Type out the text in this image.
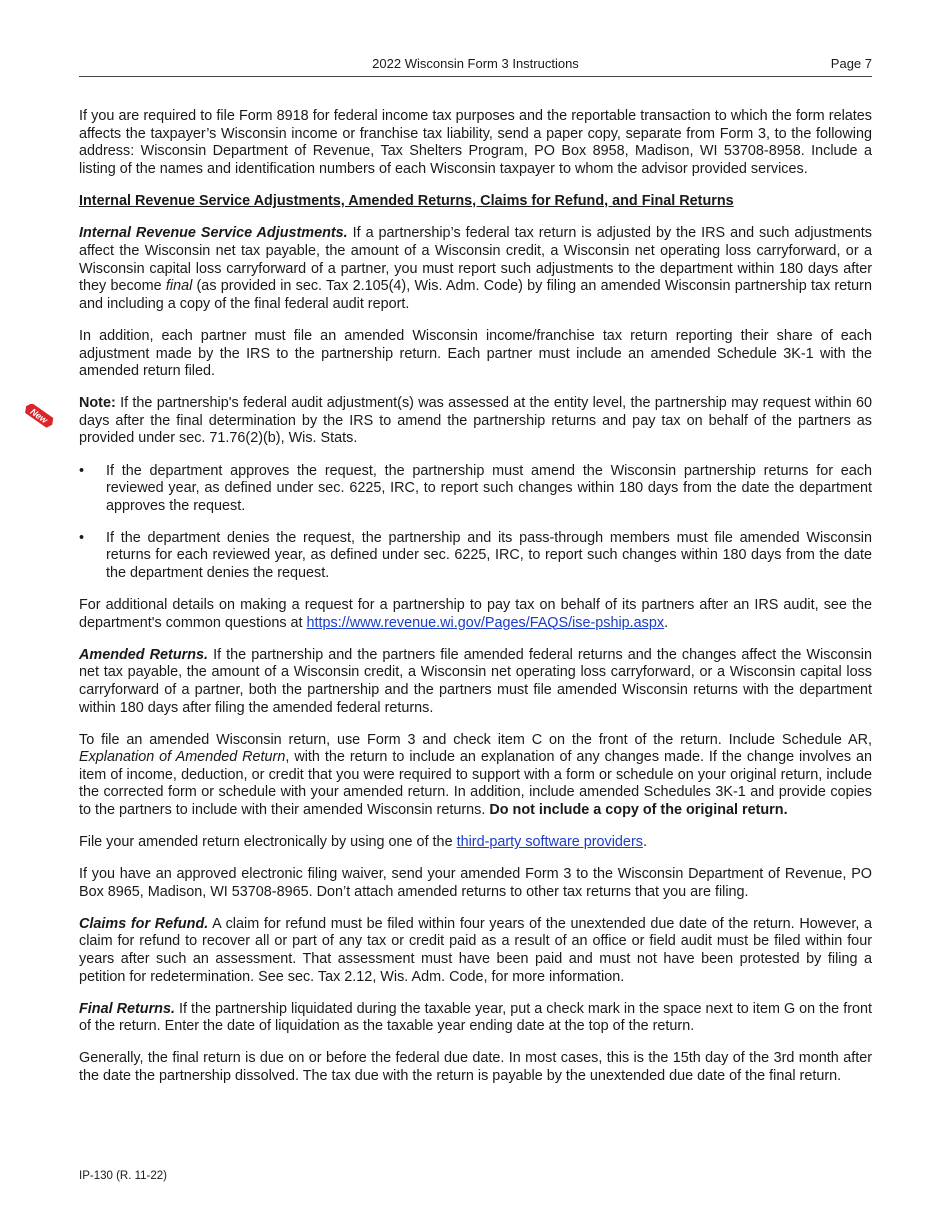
New
2022 Wisconsin Form 3 Instructions	Page 7

If you are required to file Form 8918 for federal income tax purposes and the reportable transaction to which the form relates affects the taxpayer’s Wisconsin income or franchise tax liability, send a paper copy, separate from Form 3, to the following address: Wisconsin Department of Revenue, Tax Shelters Program, PO Box 8958, Madison, WI 53708-8958. Include a listing of the names and identification numbers of each Wisconsin taxpayer to whom the advisor provided services.

Internal Revenue Service Adjustments, Amended Returns, Claims for Refund, and Final Returns

Internal Revenue Service Adjustments. If a partnership’s federal tax return is adjusted by the IRS and such adjustments affect the Wisconsin net tax payable, the amount of a Wisconsin credit, a Wisconsin net operating loss carryforward, or a Wisconsin capital loss carryforward of a partner, you must report such adjustments to the department within 180 days after they become final (as provided in sec. Tax 2.105(4), Wis. Adm. Code) by filing an amended Wisconsin partnership tax return and including a copy of the final federal audit report.

In addition, each partner must file an amended Wisconsin income/franchise tax return reporting their share of each adjustment made by the IRS to the partnership return. Each partner must include an amended Schedule 3K-1 with the amended return filed.

Note: If the partnership's federal audit adjustment(s) was assessed at the entity level, the partnership may request within 60 days after the final determination by the IRS to amend the partnership returns and pay tax on behalf of the partners as provided under sec. 71.76(2)(b), Wis. Stats.

• If the department approves the request, the partnership must amend the Wisconsin partnership returns for each reviewed year, as defined under sec. 6225, IRC, to report such changes within 180 days from the date the department approves the request.
• If the department denies the request, the partnership and its pass-through members must file amended Wisconsin returns for each reviewed year, as defined under sec. 6225, IRC, to report such changes within 180 days from the date the department denies the request.

For additional details on making a request for a partnership to pay tax on behalf of its partners after an IRS audit, see the department's common questions at https://www.revenue.wi.gov/Pages/FAQS/ise-pship.aspx.

Amended Returns. If the partnership and the partners file amended federal returns and the changes affect the Wisconsin net tax payable, the amount of a Wisconsin credit, a Wisconsin net operating loss carryforward, or a Wisconsin capital loss carryforward of a partner, both the partnership and the partners must file amended Wisconsin returns with the department within 180 days after filing the amended federal returns.

To file an amended Wisconsin return, use Form 3 and check item C on the front of the return. Include Schedule AR, Explanation of Amended Return, with the return to include an explanation of any changes made. If the change involves an item of income, deduction, or credit that you were required to support with a form or schedule on your original return, include the corrected form or schedule with your amended return. In addition, include amended Schedules 3K-1 and provide copies to the partners to include with their amended Wisconsin returns. Do not include a copy of the original return.

File your amended return electronically by using one of the third-party software providers.

If you have an approved electronic filing waiver, send your amended Form 3 to the Wisconsin Department of Revenue, PO Box 8965, Madison, WI 53708-8965. Don’t attach amended returns to other tax returns that you are filing.

Claims for Refund. A claim for refund must be filed within four years of the unextended due date of the return. However, a claim for refund to recover all or part of any tax or credit paid as a result of an office or field audit must be filed within four years after such an assessment. That assessment must have been paid and must not have been protested by filing a petition for redetermination. See sec. Tax 2.12, Wis. Adm. Code, for more information.

Final Returns. If the partnership liquidated during the taxable year, put a check mark in the space next to item G on the front of the return. Enter the date of liquidation as the taxable year ending date at the top of the return.

Generally, the final return is due on or before the federal due date. In most cases, this is the 15th day of the 3rd month after the date the partnership dissolved. The tax due with the return is payable by the unextended due date of the final return.

IP-130 (R. 11-22)
